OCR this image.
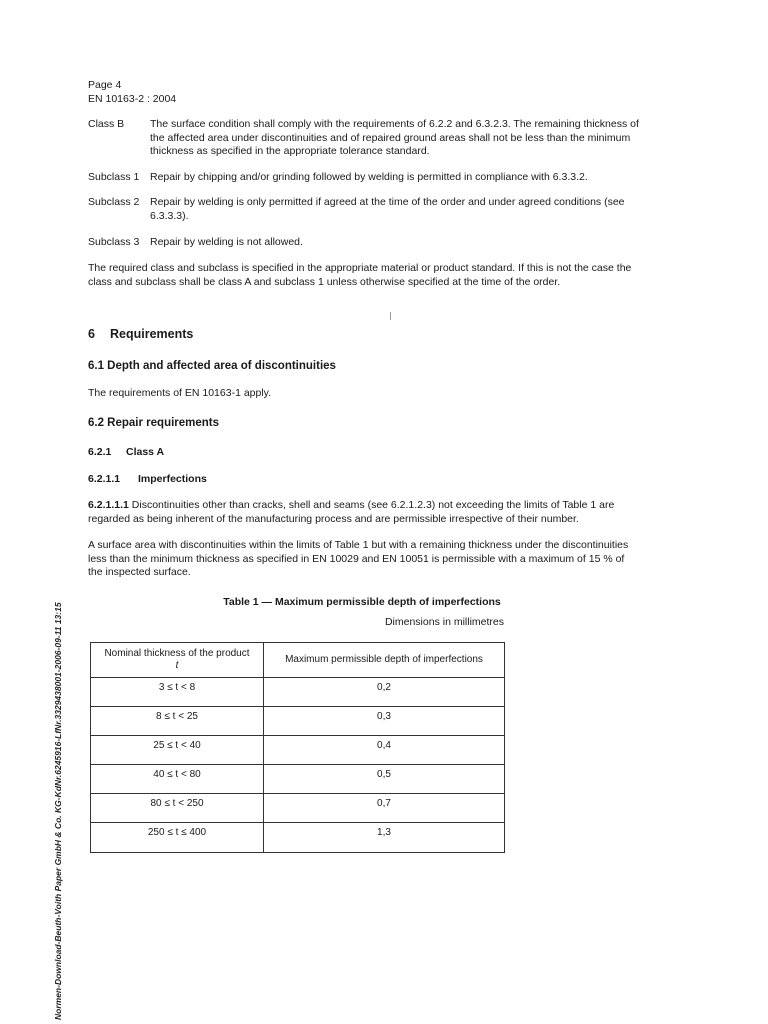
Page 4
EN 10163-2 : 2004
Class B The surface condition shall comply with the requirements of 6.2.2 and 6.3.2.3. The remaining thickness of the affected area under discontinuities and of repaired ground areas shall not be less than the minimum thickness as specified in the appropriate tolerance standard.
Subclass 1 Repair by chipping and/or grinding followed by welding is permitted in compliance with 6.3.3.2.
Subclass 2 Repair by welding is only permitted if agreed at the time of the order and under agreed conditions (see 6.3.3.3).
Subclass 3 Repair by welding is not allowed.
The required class and subclass is specified in the appropriate material or product standard. If this is not the case the class and subclass shall be class A and subclass 1 unless otherwise specified at the time of the order.
6 Requirements
6.1 Depth and affected area of discontinuities
The requirements of EN 10163-1 apply.
6.2 Repair requirements
6.2.1 Class A
6.2.1.1 Imperfections
6.2.1.1.1 Discontinuities other than cracks, shell and seams (see 6.2.1.2.3) not exceeding the limits of Table 1 are regarded as being inherent of the manufacturing process and are permissible irrespective of their number.
A surface area with discontinuities within the limits of Table 1 but with a remaining thickness under the discontinuities less than the minimum thickness as specified in EN 10029 and EN 10051 is permissible with a maximum of 15 % of the inspected surface.
Table 1 — Maximum permissible depth of imperfections
Dimensions in millimetres
Nominal thickness of the product
t	Maximum permissible depth of imperfections
3 ≤ t < 8	0,2
8 ≤ t < 25	0,3
25 ≤ t < 40	0,4
40 ≤ t < 80	0,5
80 ≤ t < 250	0,7
250 ≤ t ≤ 400	1,3
Normen-Download-Beuth-Voith Paper GmbH & Co. KG-KdNr.6245916-LfNr.3329438001-2006-09-11 13:15
